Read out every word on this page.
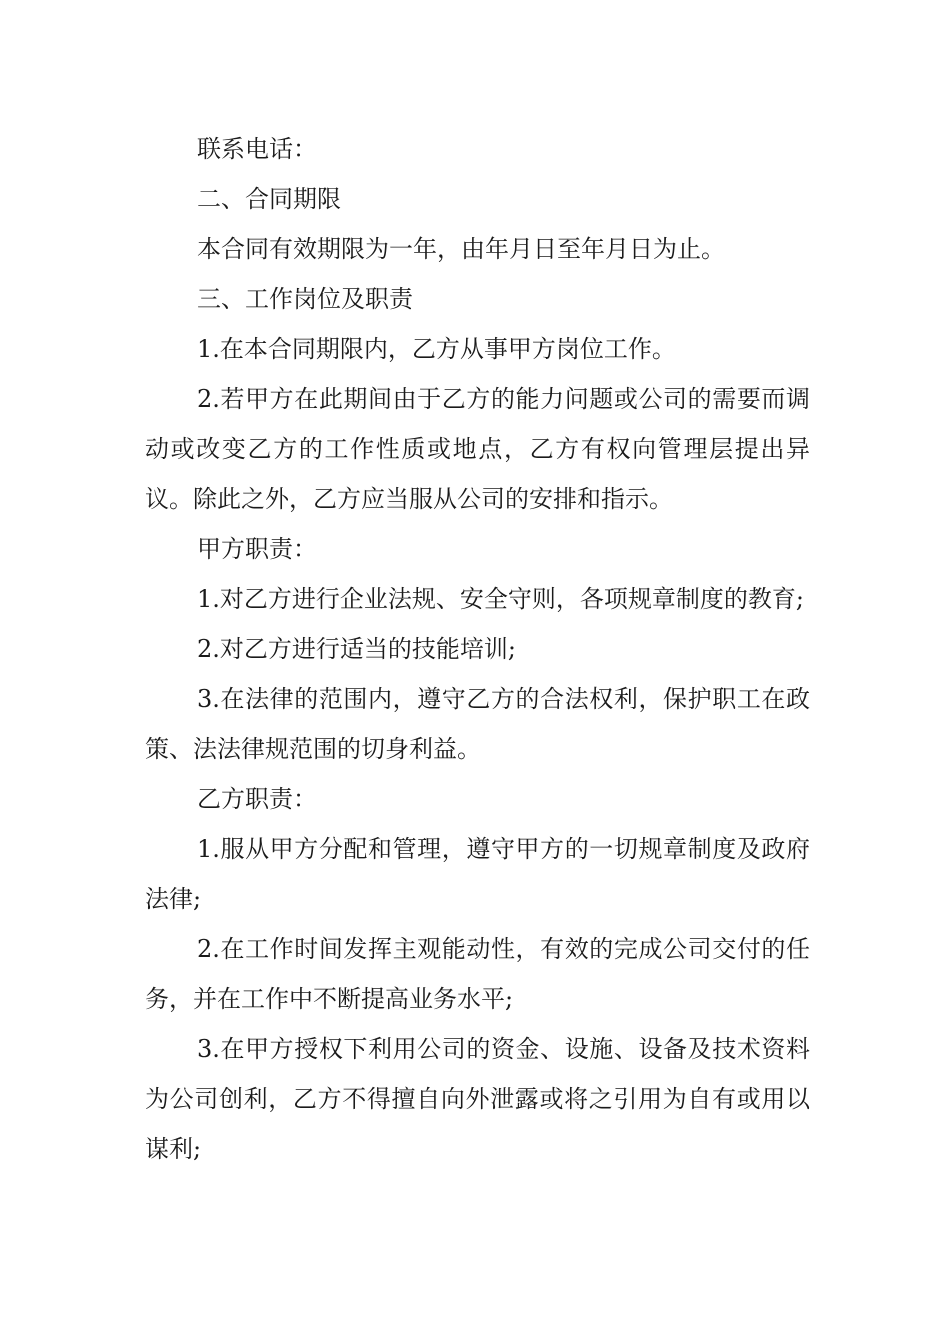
联系电话：

二、合同期限

本合同有效期限为一年，由年月日至年月日为止。

三、工作岗位及职责

1.在本合同期限内，乙方从事甲方岗位工作。

2.若甲方在此期间由于乙方的能力问题或公司的需要而调动或改变乙方的工作性质或地点，乙方有权向管理层提出异议。除此之外，乙方应当服从公司的安排和指示。

甲方职责：

1.对乙方进行企业法规、安全守则，各项规章制度的教育;

2.对乙方进行适当的技能培训;

3.在法律的范围内，遵守乙方的合法权利，保护职工在政策、法法律规范围的切身利益。

乙方职责：

1.服从甲方分配和管理，遵守甲方的一切规章制度及政府法律;

2.在工作时间发挥主观能动性，有效的完成公司交付的任务，并在工作中不断提高业务水平;

3.在甲方授权下利用公司的资金、设施、设备及技术资料为公司创利，乙方不得擅自向外泄露或将之引用为自有或用以谋利;
